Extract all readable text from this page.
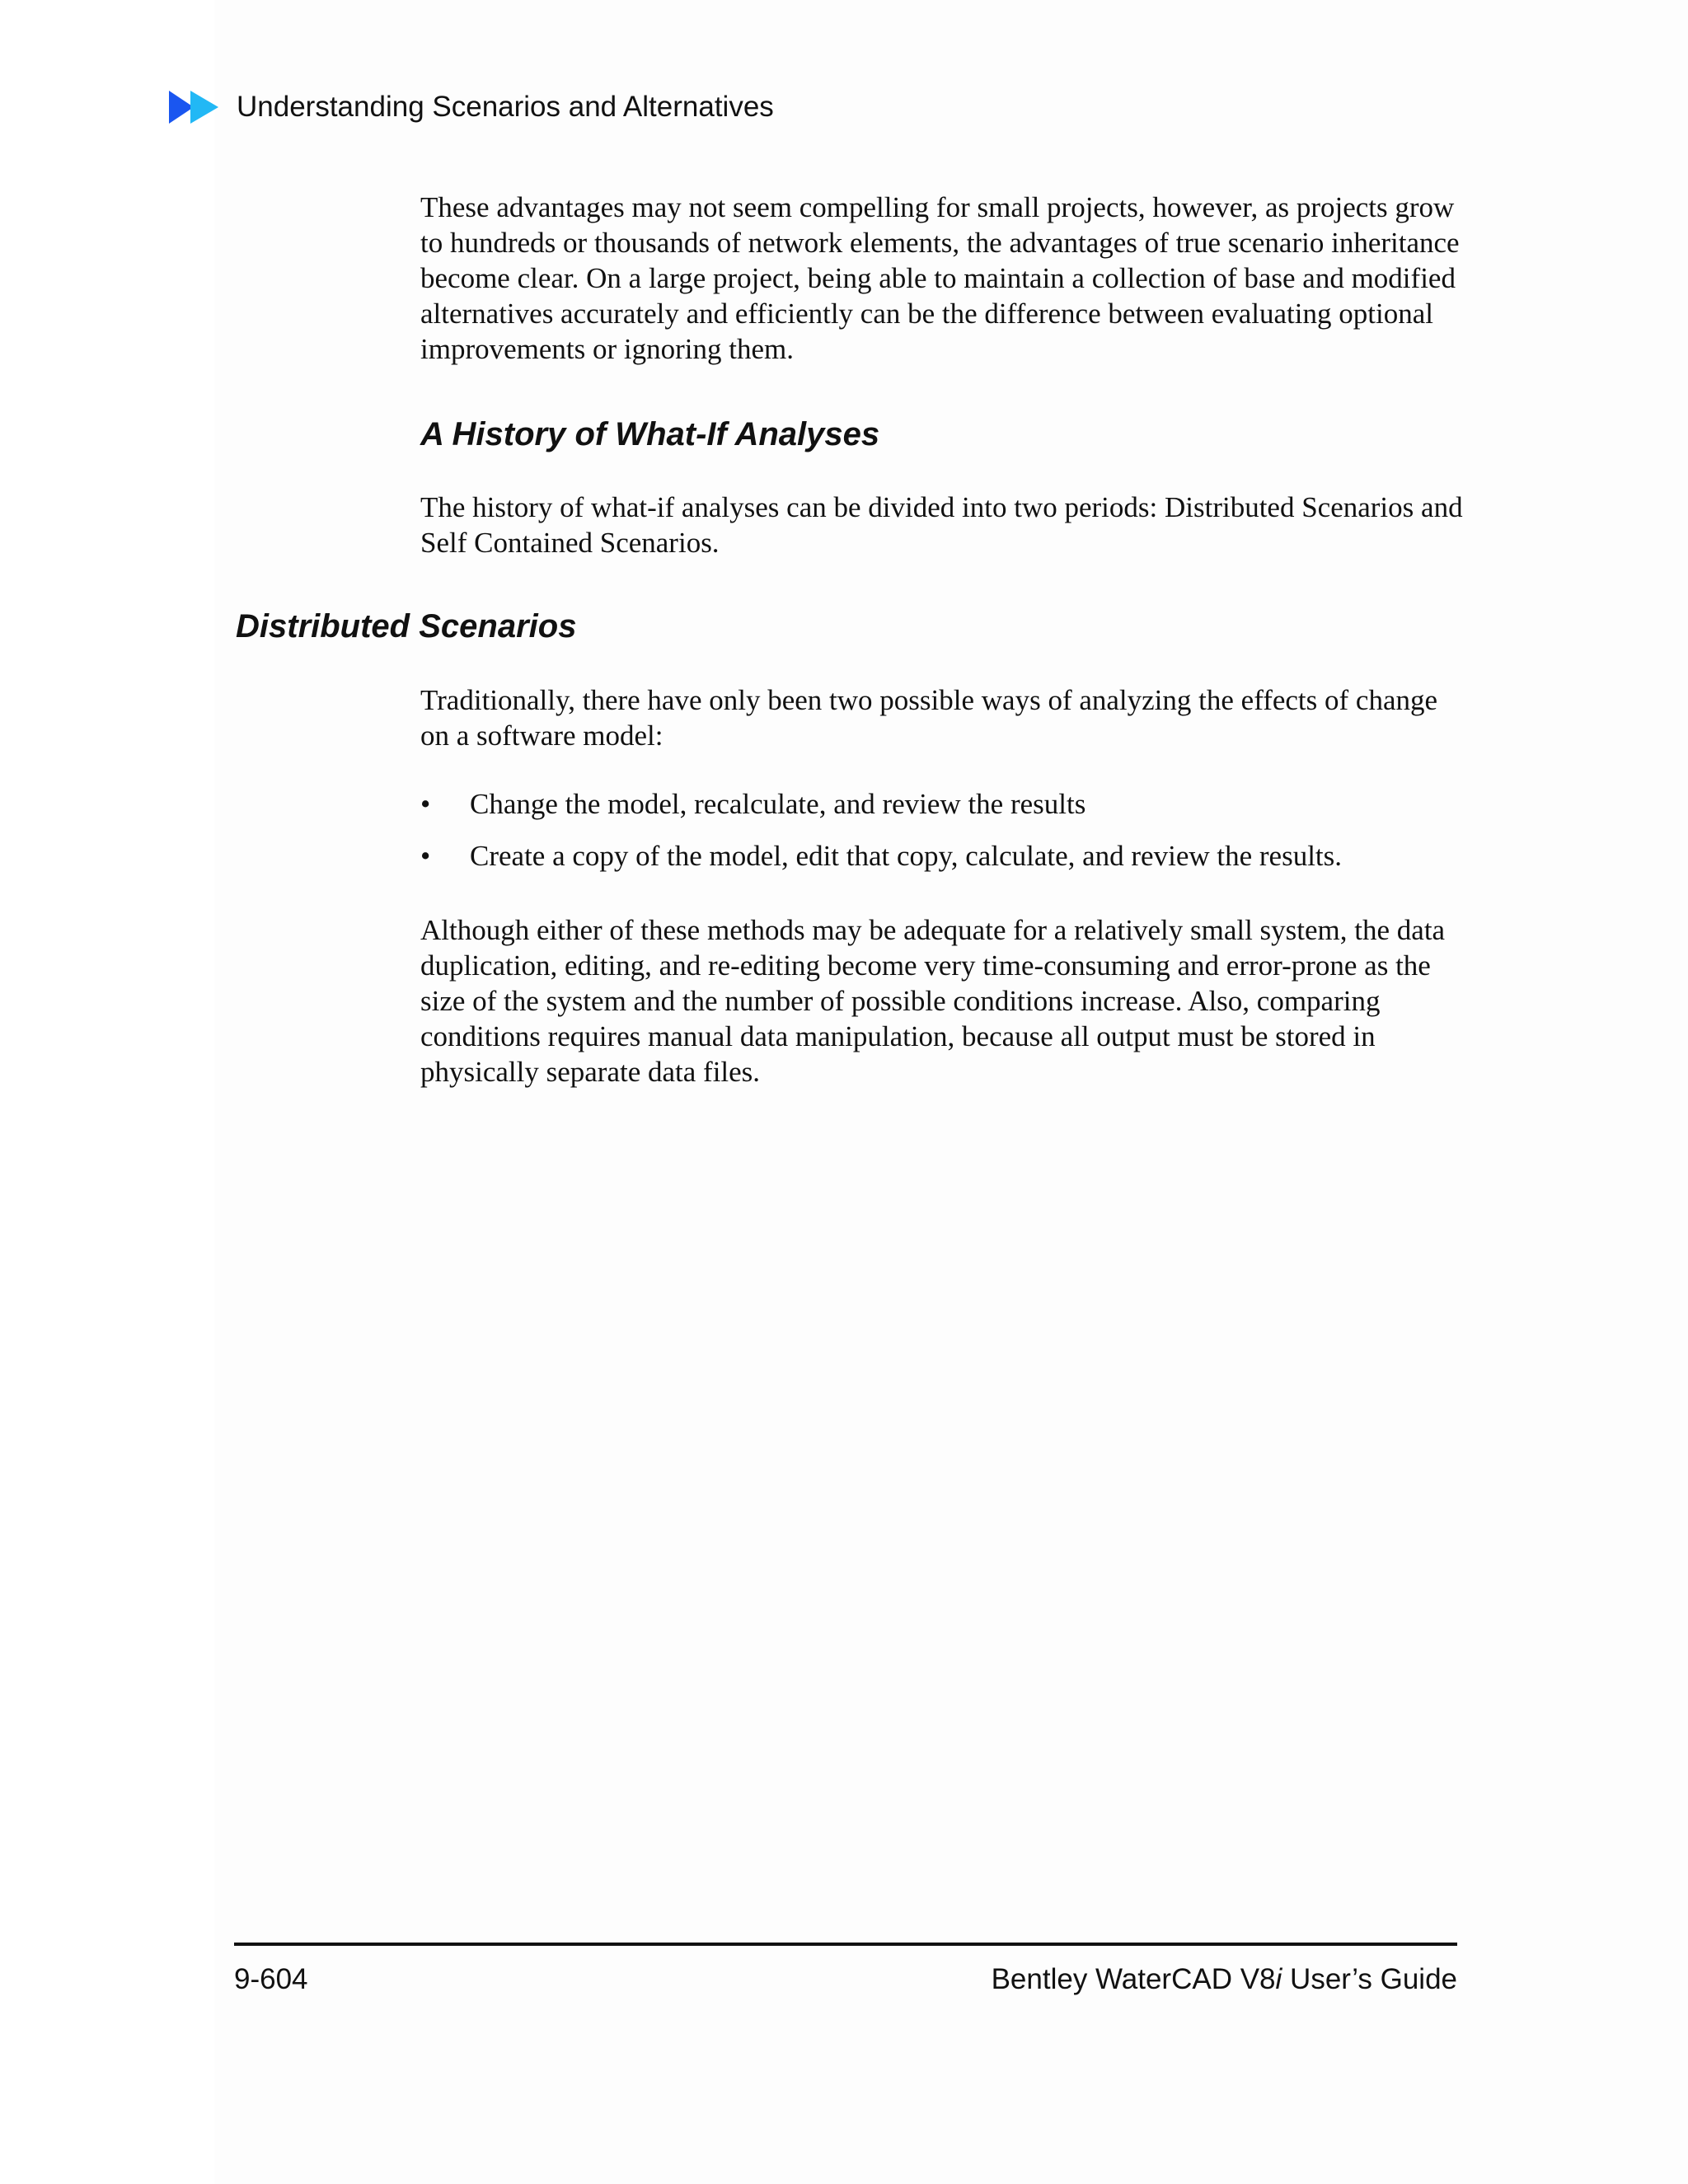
Understanding Scenarios and Alternatives

These advantages may not seem compelling for small projects, however, as projects grow to hundreds or thousands of network elements, the advantages of true scenario inheritance become clear. On a large project, being able to maintain a collection of base and modified alternatives accurately and efficiently can be the difference between evaluating optional improvements or ignoring them.

A History of What-If Analyses

The history of what-if analyses can be divided into two periods: Distributed Scenarios and Self Contained Scenarios.

Distributed Scenarios

Traditionally, there have only been two possible ways of analyzing the effects of change on a software model:

• Change the model, recalculate, and review the results
• Create a copy of the model, edit that copy, calculate, and review the results.

Although either of these methods may be adequate for a relatively small system, the data duplication, editing, and re-editing become very time-consuming and error-prone as the size of the system and the number of possible conditions increase. Also, comparing conditions requires manual data manipulation, because all output must be stored in physically separate data files.

9-604	Bentley WaterCAD V8i User’s Guide
